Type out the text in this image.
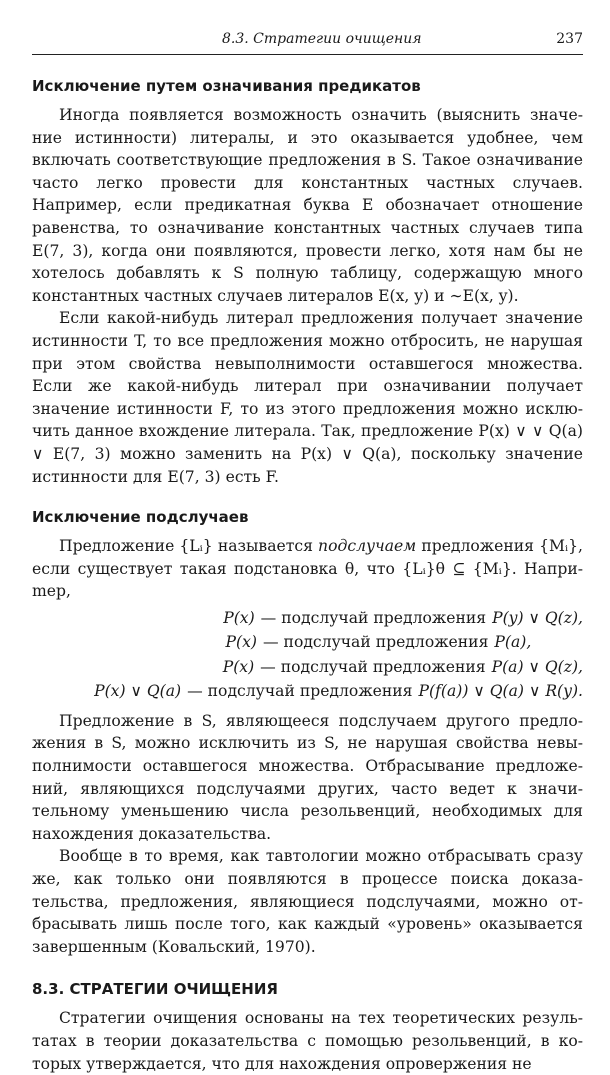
8.3. Стратегии очищения	237
Исключение путем означивания предикатов

Иногда появляется возможность означить (выяснить значение истинности) литералы, и это оказывается удобнее, чем включать соответствующие предложения в S. Такое означивание часто легко провести для константных частных случаев. Например, если предикатная буква E обозначает отношение равенства, то означивание константных частных случаев типа E(7, 3), когда они появляются, провести легко, хотя нам бы не хотелось добавлять к S полную таблицу, содержащую много константных частных случаев литералов E(x, y) и ∼E(x, y).

Если какой-нибудь литерал предложения получает значение истинности T, то все предложения можно отбросить, не нарушая при этом свойства невыполнимости оставшегося множества. Если же какой-нибудь литерал при означивании получает значение истинности F, то из этого предложения можно исключить данное вхождение литерала. Так, предложение P(x) ∨ ∨ Q(a) ∨ E(7, 3) можно заменить на P(x) ∨ Q(a), поскольку значение истинности для E(7, 3) есть F.

Исключение подслучаев

Предложение {Lᵢ} называется подслучаем предложения {Mᵢ}, если существует такая подстановка θ, что {Lᵢ}θ ⊆ {Mᵢ}. Наприmер,

P(x) — подслучай предложения P(y) ∨ Q(z),
P(x) — подслучай предложения P(a),
P(x) — подслучай предложения P(a) ∨ Q(z),
P(x) ∨ Q(a) — подслучай предложения P(f(a)) ∨ Q(a) ∨ R(y).

Предложение в S, являющееся подслучаем другого предложения в S, можно исключить из S, не нарушая свойства невыполнимости оставшегося множества. Отбрасывание предложений, являющихся подслучаями других, часто ведет к значительному уменьшению числа резольвенций, необходимых для нахождения доказательства.

Вообще в то время, как тавтологии можно отбрасывать сразу же, как только они появляются в процессе поиска доказательства, предложения, являющиеся подслучаями, можно отбрасывать лишь после того, как каждый «уровень» оказывается завершенным (Ковальский, 1970).

8.3. СТРАТЕГИИ ОЧИЩЕНИЯ

Стратегии очищения основаны на тех теоретических результатах в теории доказательства с помощью резольвенций, в которых утверждается, что для нахождения опровержения не
